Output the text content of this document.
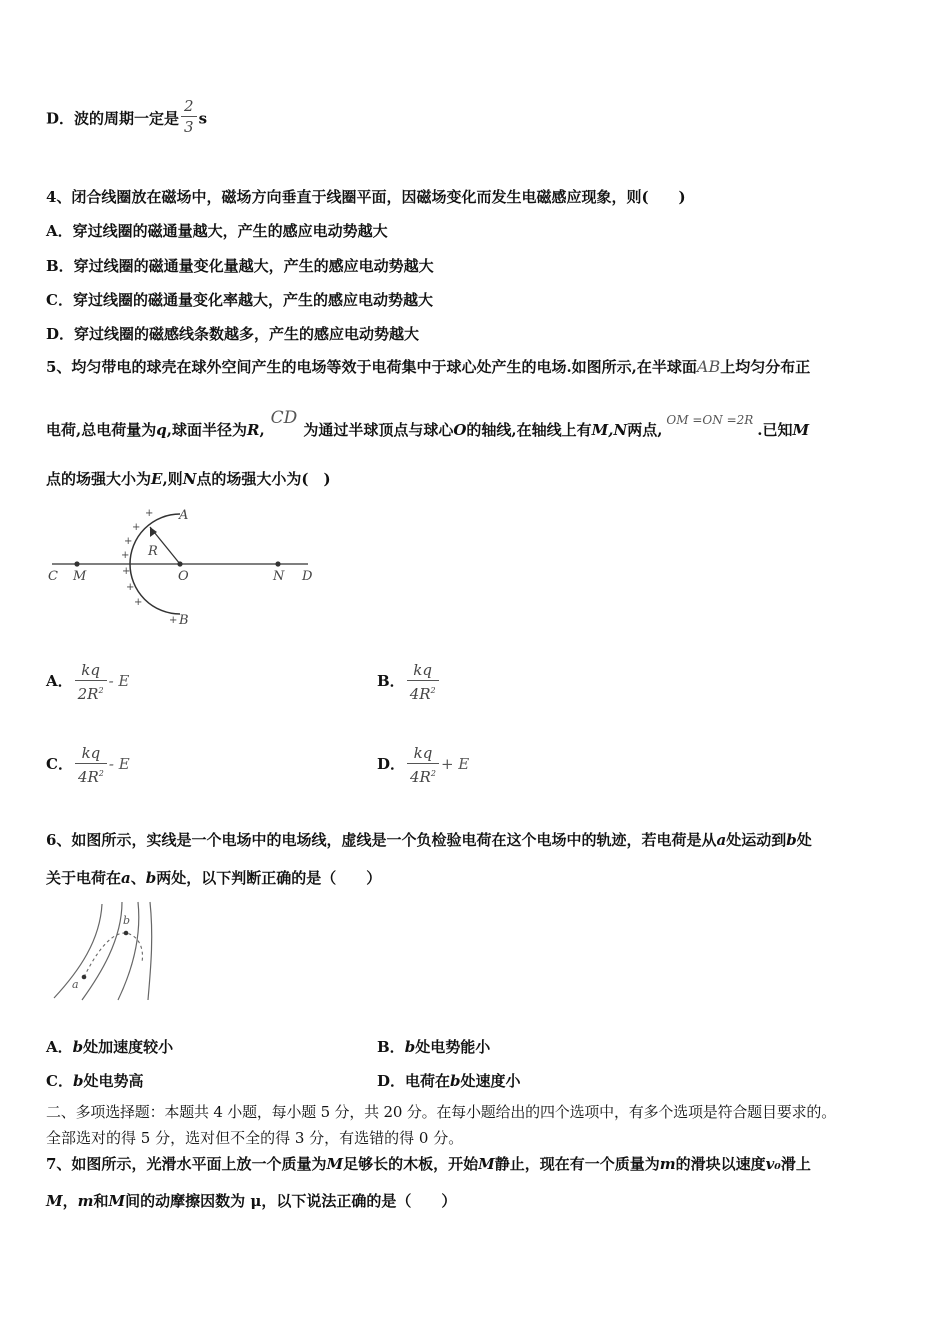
D．波的周期一定是 $\frac{2}{3}$ s
4、闭合线圈放在磁场中，磁场方向垂直于线圈平面，因磁场变化而发生电磁感应现象，则(　　)
A．穿过线圈的磁通量越大，产生的感应电动势越大
B．穿过线圈的磁通量变化量越大，产生的感应电动势越大
C．穿过线圈的磁通量变化率越大，产生的感应电动势越大
D．穿过线圈的磁感线条数越多，产生的感应电动势越大
5、均匀带电的球壳在球外空间产生的电场等效于电荷集中于球心处产生的电场.如图所示,在半球面AB上均匀分布正
电荷,总电荷量为q,球面半径为R,CD为通过半球顶点与球心O的轴线,在轴线上有M,N两点,$^{OM =ON =2R}$.已知M
点的场强大小为E,则N点的场强大小为(　)
C M	O	N D
R
A
B
+
+
+
+
+
+
+
+
A． $\frac{kq}{2R^2}$ - E	B． $\frac{kq}{4R^2}$
C． $\frac{kq}{4R^2}$ - E	D． $\frac{kq}{4R^2} + E$
6、如图所示，实线是一个电场中的电场线，虚线是一个负检验电荷在这个电场中的轨迹，若电荷是从a处运动到b处
关于电荷在a、b两处，以下判断正确的是（　　）
a
b
A．b处加速度较小	B．b处电势能小
C．b处电势高	D．电荷在b处速度小
二、多项选择题：本题共 4 小题，每小题 5 分，共 20 分。在每小题给出的四个选项中，有多个选项是符合题目要求的。
全部选对的得 5 分，选对但不全的得 3 分，有选错的得 0 分。
7、如图所示，光滑水平面上放一个质量为M足够长的木板，开始M静止，现在有一个质量为m的滑块以速度v₀滑上
M，m和M间的动摩擦因数为 μ，以下说法正确的是（　　）
